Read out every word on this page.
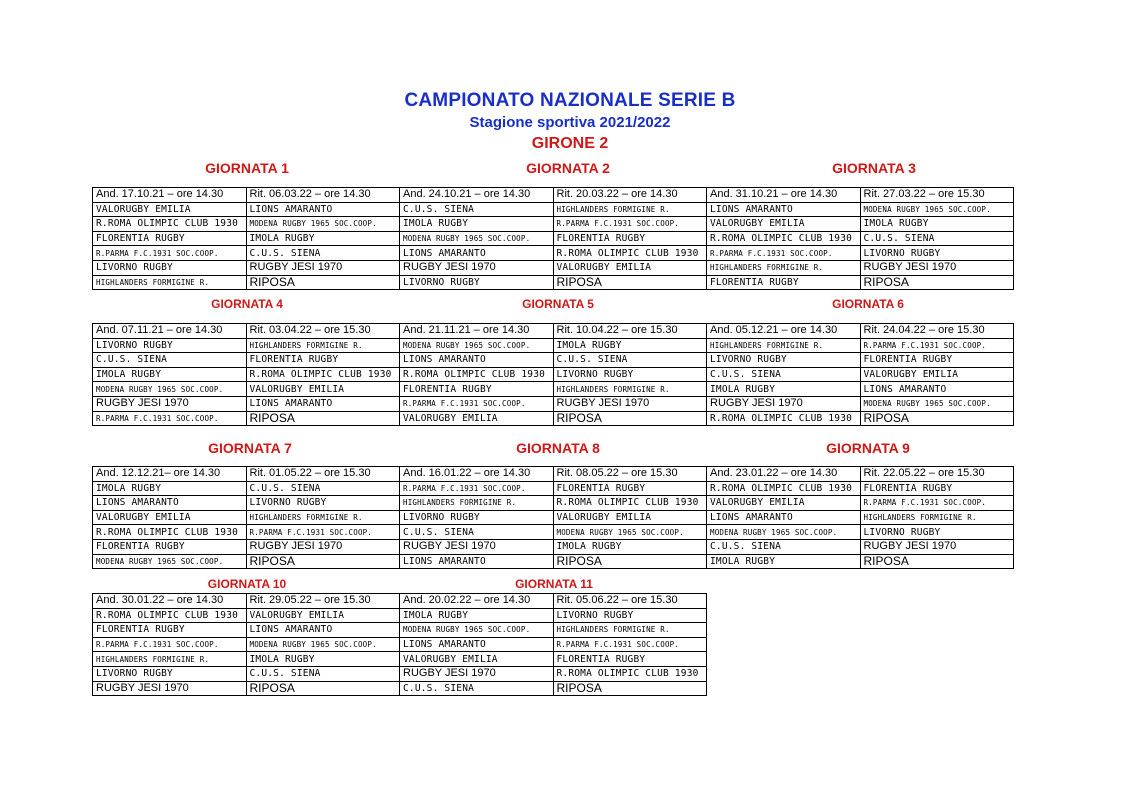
CAMPIONATO NAZIONALE SERIE B
Stagione sportiva 2021/2022
GIRONE 2
And. 17.10.21 – ore 14.30	Rit. 06.03.22 – ore 14.30	And. 24.10.21 – ore 14.30	Rit. 20.03.22 – ore 14.30	And. 31.10.21 – ore 14.30	Rit. 27.03.22 – ore 15.30
VALORUGBY EMILIA	LIONS AMARANTO	C.U.S. SIENA	HIGHLANDERS FORMIGINE R.	LIONS AMARANTO	MODENA RUGBY 1965 SOC.COOP.
R.ROMA OLIMPIC CLUB 1930	MODENA RUGBY 1965 SOC.COOP.	IMOLA RUGBY	R.PARMA F.C.1931 SOC.COOP.	VALORUGBY EMILIA	IMOLA RUGBY
FLORENTIA RUGBY	IMOLA RUGBY	MODENA RUGBY 1965 SOC.COOP.	FLORENTIA RUGBY	R.ROMA OLIMPIC CLUB 1930	C.U.S. SIENA
R.PARMA F.C.1931 SOC.COOP.	C.U.S. SIENA	LIONS AMARANTO	R.ROMA OLIMPIC CLUB 1930	R.PARMA F.C.1931 SOC.COOP.	LIVORNO RUGBY
LIVORNO RUGBY	RUGBY JESI 1970	RUGBY JESI 1970	VALORUGBY EMILIA	HIGHLANDERS FORMIGINE R.	RUGBY JESI 1970
HIGHLANDERS FORMIGINE R.	RIPOSA	LIVORNO RUGBY	RIPOSA	FLORENTIA RUGBY	RIPOSA
And. 07.11.21 – ore 14.30	Rit. 03.04.22 – ore 15.30	And. 21.11.21 – ore 14.30	Rit. 10.04.22 – ore 15.30	And. 05.12.21 – ore 14.30	Rit. 24.04.22 – ore 15.30
LIVORNO RUGBY	HIGHLANDERS FORMIGINE R.	MODENA RUGBY 1965 SOC.COOP.	IMOLA RUGBY	HIGHLANDERS FORMIGINE R.	R.PARMA F.C.1931 SOC.COOP.
C.U.S. SIENA	FLORENTIA RUGBY	LIONS AMARANTO	C.U.S. SIENA	LIVORNO RUGBY	FLORENTIA RUGBY
IMOLA RUGBY	R.ROMA OLIMPIC CLUB 1930	R.ROMA OLIMPIC CLUB 1930	LIVORNO RUGBY	C.U.S. SIENA	VALORUGBY EMILIA
MODENA RUGBY 1965 SOC.COOP.	VALORUGBY EMILIA	FLORENTIA RUGBY	HIGHLANDERS FORMIGINE R.	IMOLA RUGBY	LIONS AMARANTO
RUGBY JESI 1970	LIONS AMARANTO	R.PARMA F.C.1931 SOC.COOP.	RUGBY JESI 1970	RUGBY JESI 1970	MODENA RUGBY 1965 SOC.COOP.
R.PARMA F.C.1931 SOC.COOP.	RIPOSA	VALORUGBY EMILIA	RIPOSA	R.ROMA OLIMPIC CLUB 1930	RIPOSA
And. 12.12.21– ore 14.30	Rit. 01.05.22 – ore 15.30	And. 16.01.22 – ore 14.30	Rit. 08.05.22 – ore 15.30	And. 23.01.22 – ore 14.30	Rit. 22.05.22 – ore 15.30
IMOLA RUGBY	C.U.S. SIENA	R.PARMA F.C.1931 SOC.COOP.	FLORENTIA RUGBY	R.ROMA OLIMPIC CLUB 1930	FLORENTIA RUGBY
LIONS AMARANTO	LIVORNO RUGBY	HIGHLANDERS FORMIGINE R.	R.ROMA OLIMPIC CLUB 1930	VALORUGBY EMILIA	R.PARMA F.C.1931 SOC.COOP.
VALORUGBY EMILIA	HIGHLANDERS FORMIGINE R.	LIVORNO RUGBY	VALORUGBY EMILIA	LIONS AMARANTO	HIGHLANDERS FORMIGINE R.
R.ROMA OLIMPIC CLUB 1930	R.PARMA F.C.1931 SOC.COOP.	C.U.S. SIENA	MODENA RUGBY 1965 SOC.COOP.	MODENA RUGBY 1965 SOC.COOP.	LIVORNO RUGBY
FLORENTIA RUGBY	RUGBY JESI 1970	RUGBY JESI 1970	IMOLA RUGBY	C.U.S. SIENA	RUGBY JESI 1970
MODENA RUGBY 1965 SOC.COOP.	RIPOSA	LIONS AMARANTO	RIPOSA	IMOLA RUGBY	RIPOSA
And. 30.01.22 – ore 14.30	Rit. 29.05.22 – ore 15.30	And. 20.02.22 – ore 14.30	Rit. 05.06.22 – ore 15.30
R.ROMA OLIMPIC CLUB 1930	VALORUGBY EMILIA	IMOLA RUGBY	LIVORNO RUGBY
FLORENTIA RUGBY	LIONS AMARANTO	MODENA RUGBY 1965 SOC.COOP.	HIGHLANDERS FORMIGINE R.
R.PARMA F.C.1931 SOC.COOP.	MODENA RUGBY 1965 SOC.COOP.	LIONS AMARANTO	R.PARMA F.C.1931 SOC.COOP.
HIGHLANDERS FORMIGINE R.	IMOLA RUGBY	VALORUGBY EMILIA	FLORENTIA RUGBY
LIVORNO RUGBY	C.U.S. SIENA	RUGBY JESI 1970	R.ROMA OLIMPIC CLUB 1930
RUGBY JESI 1970	RIPOSA	C.U.S. SIENA	RIPOSA
GIORNATA 1	GIORNATA 2	GIORNATA 3
GIORNATA 4	GIORNATA 5	GIORNATA 6
GIORNATA 7	GIORNATA 8	GIORNATA 9
GIORNATA 10	GIORNATA 11
